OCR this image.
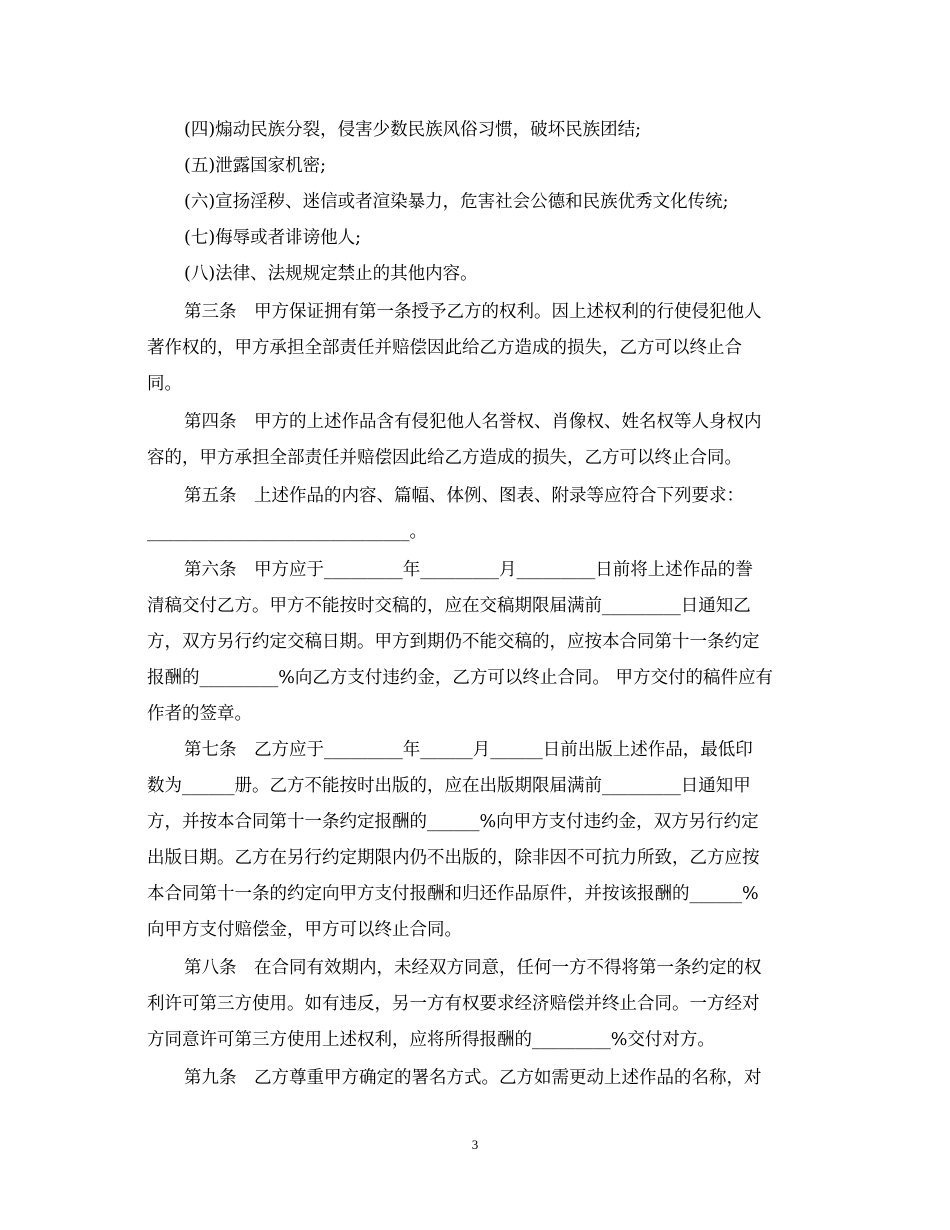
(四)煽动民族分裂，侵害少数民族风俗习惯，破坏民族团结;
(五)泄露国家机密;
(六)宣扬淫秽、迷信或者渲染暴力，危害社会公德和民族优秀文化传统;
(七)侮辱或者诽谤他人;
(八)法律、法规规定禁止的其他内容。
第三条　甲方保证拥有第一条授予乙方的权利。因上述权利的行使侵犯他人
著作权的，甲方承担全部责任并赔偿因此给乙方造成的损失，乙方可以终止合
同。
第四条　甲方的上述作品含有侵犯他人名誉权、肖像权、姓名权等人身权内
容的，甲方承担全部责任并赔偿因此给乙方造成的损失，乙方可以终止合同。
第五条　上述作品的内容、篇幅、体例、图表、附录等应符合下列要求：
______________________________。
第六条　甲方应于_________年_________月_________日前将上述作品的誊
清稿交付乙方。甲方不能按时交稿的，应在交稿期限届满前_________日通知乙
方，双方另行约定交稿日期。甲方到期仍不能交稿的，应按本合同第十一条约定
报酬的_________%向乙方支付违约金，乙方可以终止合同。 甲方交付的稿件应有
作者的签章。
第七条　乙方应于_________年______月______日前出版上述作品，最低印
数为______册。乙方不能按时出版的，应在出版期限届满前_________日通知甲
方，并按本合同第十一条约定报酬的______%向甲方支付违约金，双方另行约定
出版日期。乙方在另行约定期限内仍不出版的，除非因不可抗力所致，乙方应按
本合同第十一条的约定向甲方支付报酬和归还作品原件，并按该报酬的______%
向甲方支付赔偿金，甲方可以终止合同。
第八条　在合同有效期内，未经双方同意，任何一方不得将第一条约定的权
利许可第三方使用。如有违反，另一方有权要求经济赔偿并终止合同。一方经对
方同意许可第三方使用上述权利，应将所得报酬的_________%交付对方。
第九条　乙方尊重甲方确定的署名方式。乙方如需更动上述作品的名称，对
3
